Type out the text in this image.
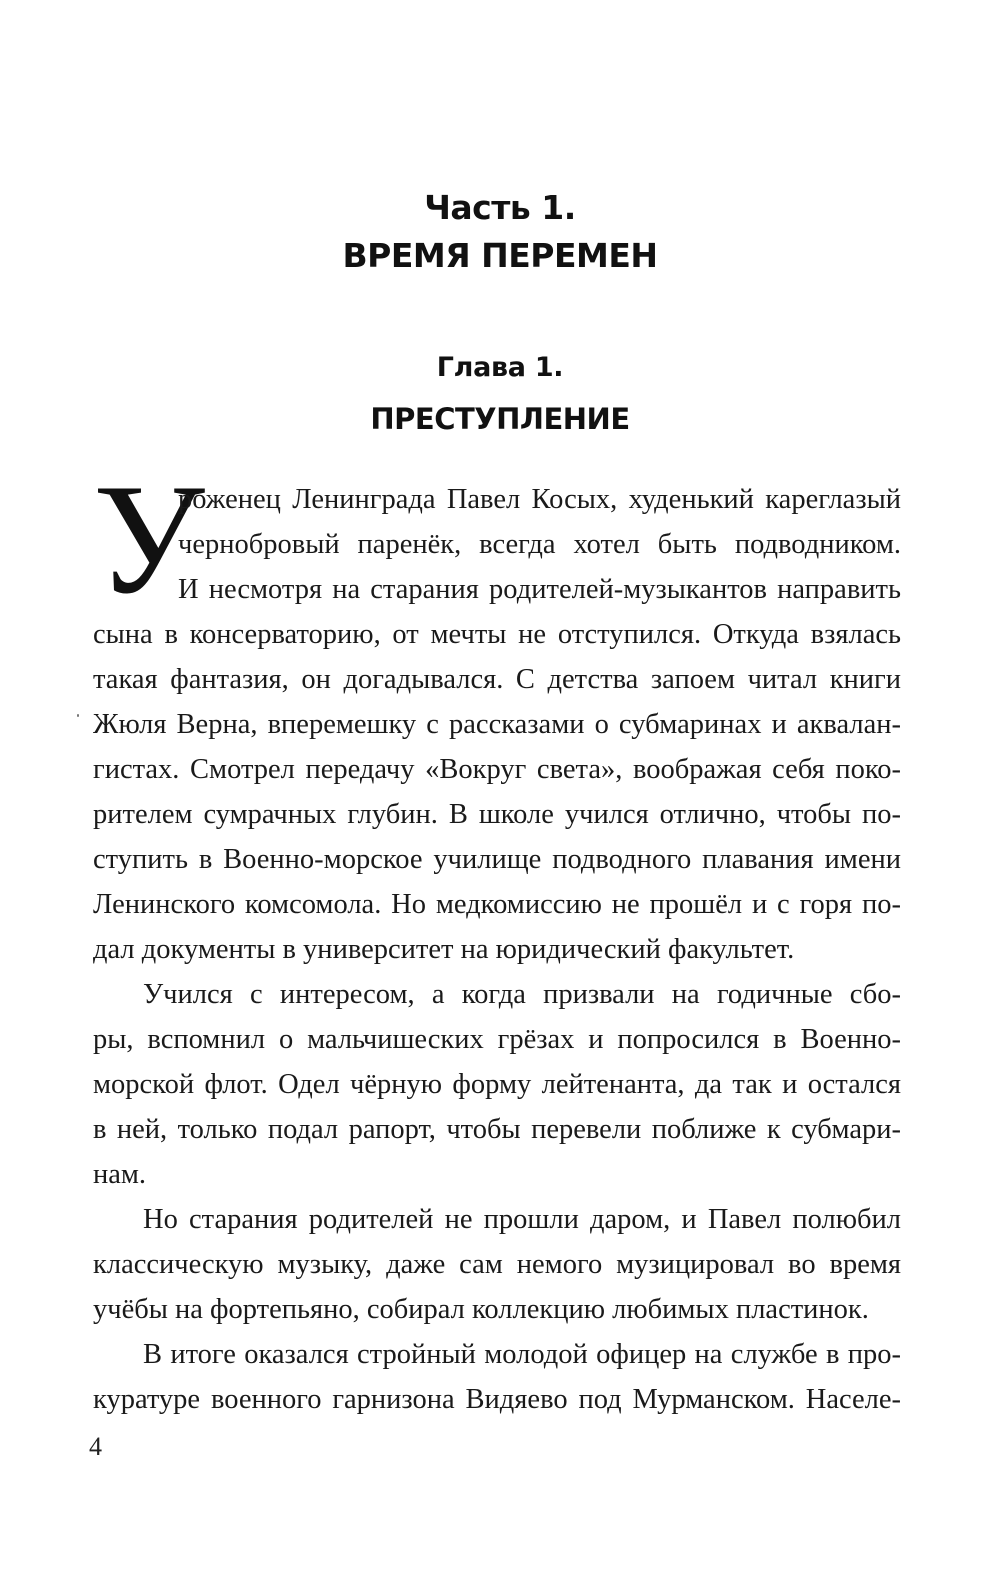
Часть 1.
ВРЕМЯ ПЕРЕМЕН
Глава 1.
ПРЕСТУПЛЕНИЕ
У
роженец Ленинграда Павел Косых, худенький кареглазый
чернобровый паренёк, всегда хотел быть подводником.
И несмотря на старания родителей-музыкантов направить
сына в консерваторию, от мечты не отступился. Откуда взялась
такая фантазия, он догадывался. С детства запоем читал книги
Жюля Верна, вперемешку с рассказами о субмаринах и аквалан-
гистах. Смотрел передачу «Вокруг света», воображая себя поко-
рителем сумрачных глубин. В школе учился отлично, чтобы по-
ступить в Военно-морское училище подводного плавания имени
Ленинского комсомола. Но медкомиссию не прошёл и с горя по-
дал документы в университет на юридический факультет.
Учился с интересом, а когда призвали на годичные сбо-
ры, вспомнил о мальчишеских грёзах и попросился в Военно-
морской флот. Одел чёрную форму лейтенанта, да так и остался
в ней, только подал рапорт, чтобы перевели поближе к субмари-
нам.
Но старания родителей не прошли даром, и Павел полюбил
классическую музыку, даже сам немого музицировал во время
учёбы на фортепьяно, собирал коллекцию любимых пластинок.
В итоге оказался стройный молодой офицер на службе в про-
куратуре военного гарнизона Видяево под Мурманском. Населе-
4
